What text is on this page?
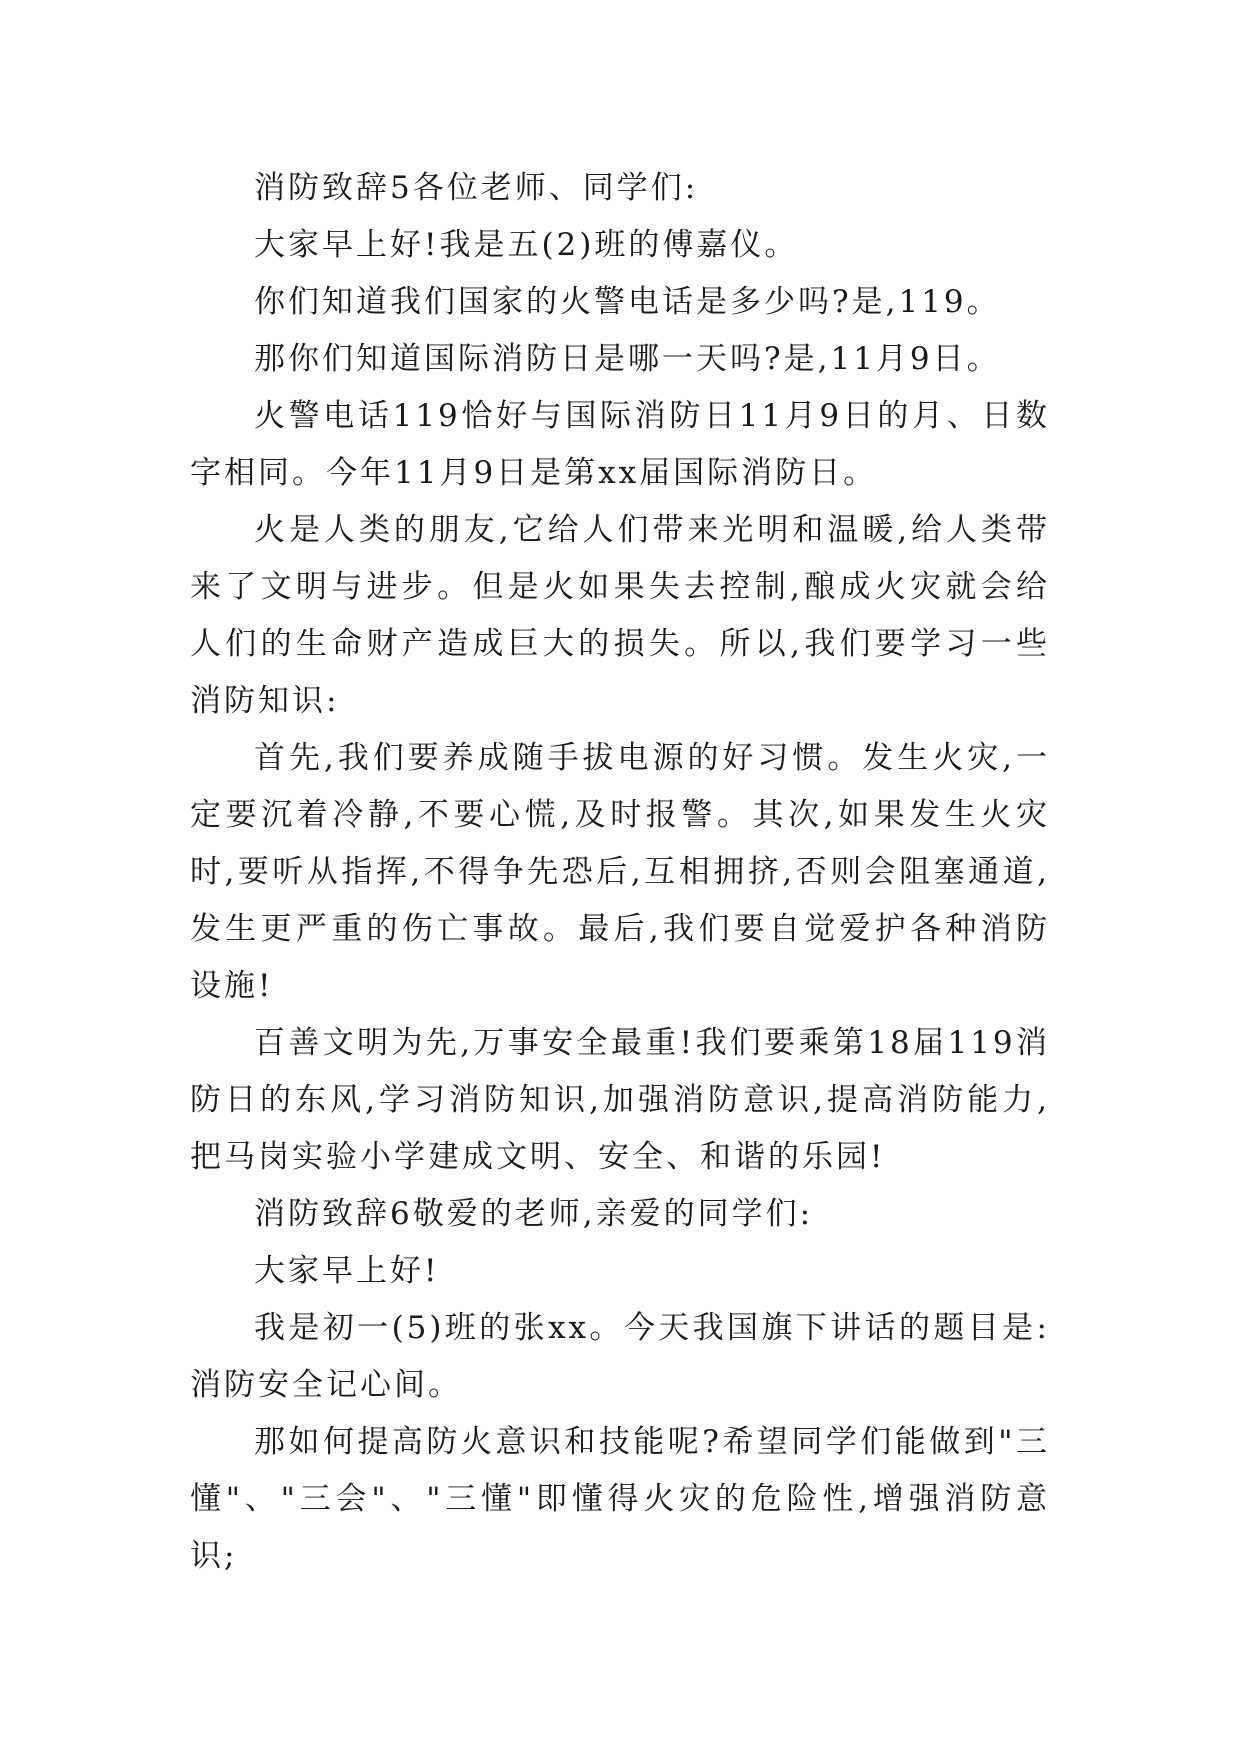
消防致辞5各位老师、同学们:

大家早上好!我是五(2)班的傅嘉仪。

你们知道我们国家的火警电话是多少吗?是,119。

那你们知道国际消防日是哪一天吗?是,11月9日。

火警电话119恰好与国际消防日11月9日的月、日数字相同。今年11月9日是第xx届国际消防日。

火是人类的朋友,它给人们带来光明和温暖,给人类带来了文明与进步。但是火如果失去控制,酿成火灾就会给人们的生命财产造成巨大的损失。所以,我们要学习一些消防知识:

首先,我们要养成随手拔电源的好习惯。发生火灾,一定要沉着冷静,不要心慌,及时报警。其次,如果发生火灾时,要听从指挥,不得争先恐后,互相拥挤,否则会阻塞通道,发生更严重的伤亡事故。最后,我们要自觉爱护各种消防设施!

百善文明为先,万事安全最重!我们要乘第18届119消防日的东风,学习消防知识,加强消防意识,提高消防能力,把马岗实验小学建成文明、安全、和谐的乐园!

消防致辞6敬爱的老师,亲爱的同学们:

大家早上好!

我是初一(5)班的张xx。今天我国旗下讲话的题目是:消防安全记心间。

那如何提高防火意识和技能呢?希望同学们能做到"三懂"、"三会"、"三懂"即懂得火灾的危险性,增强消防意识;
